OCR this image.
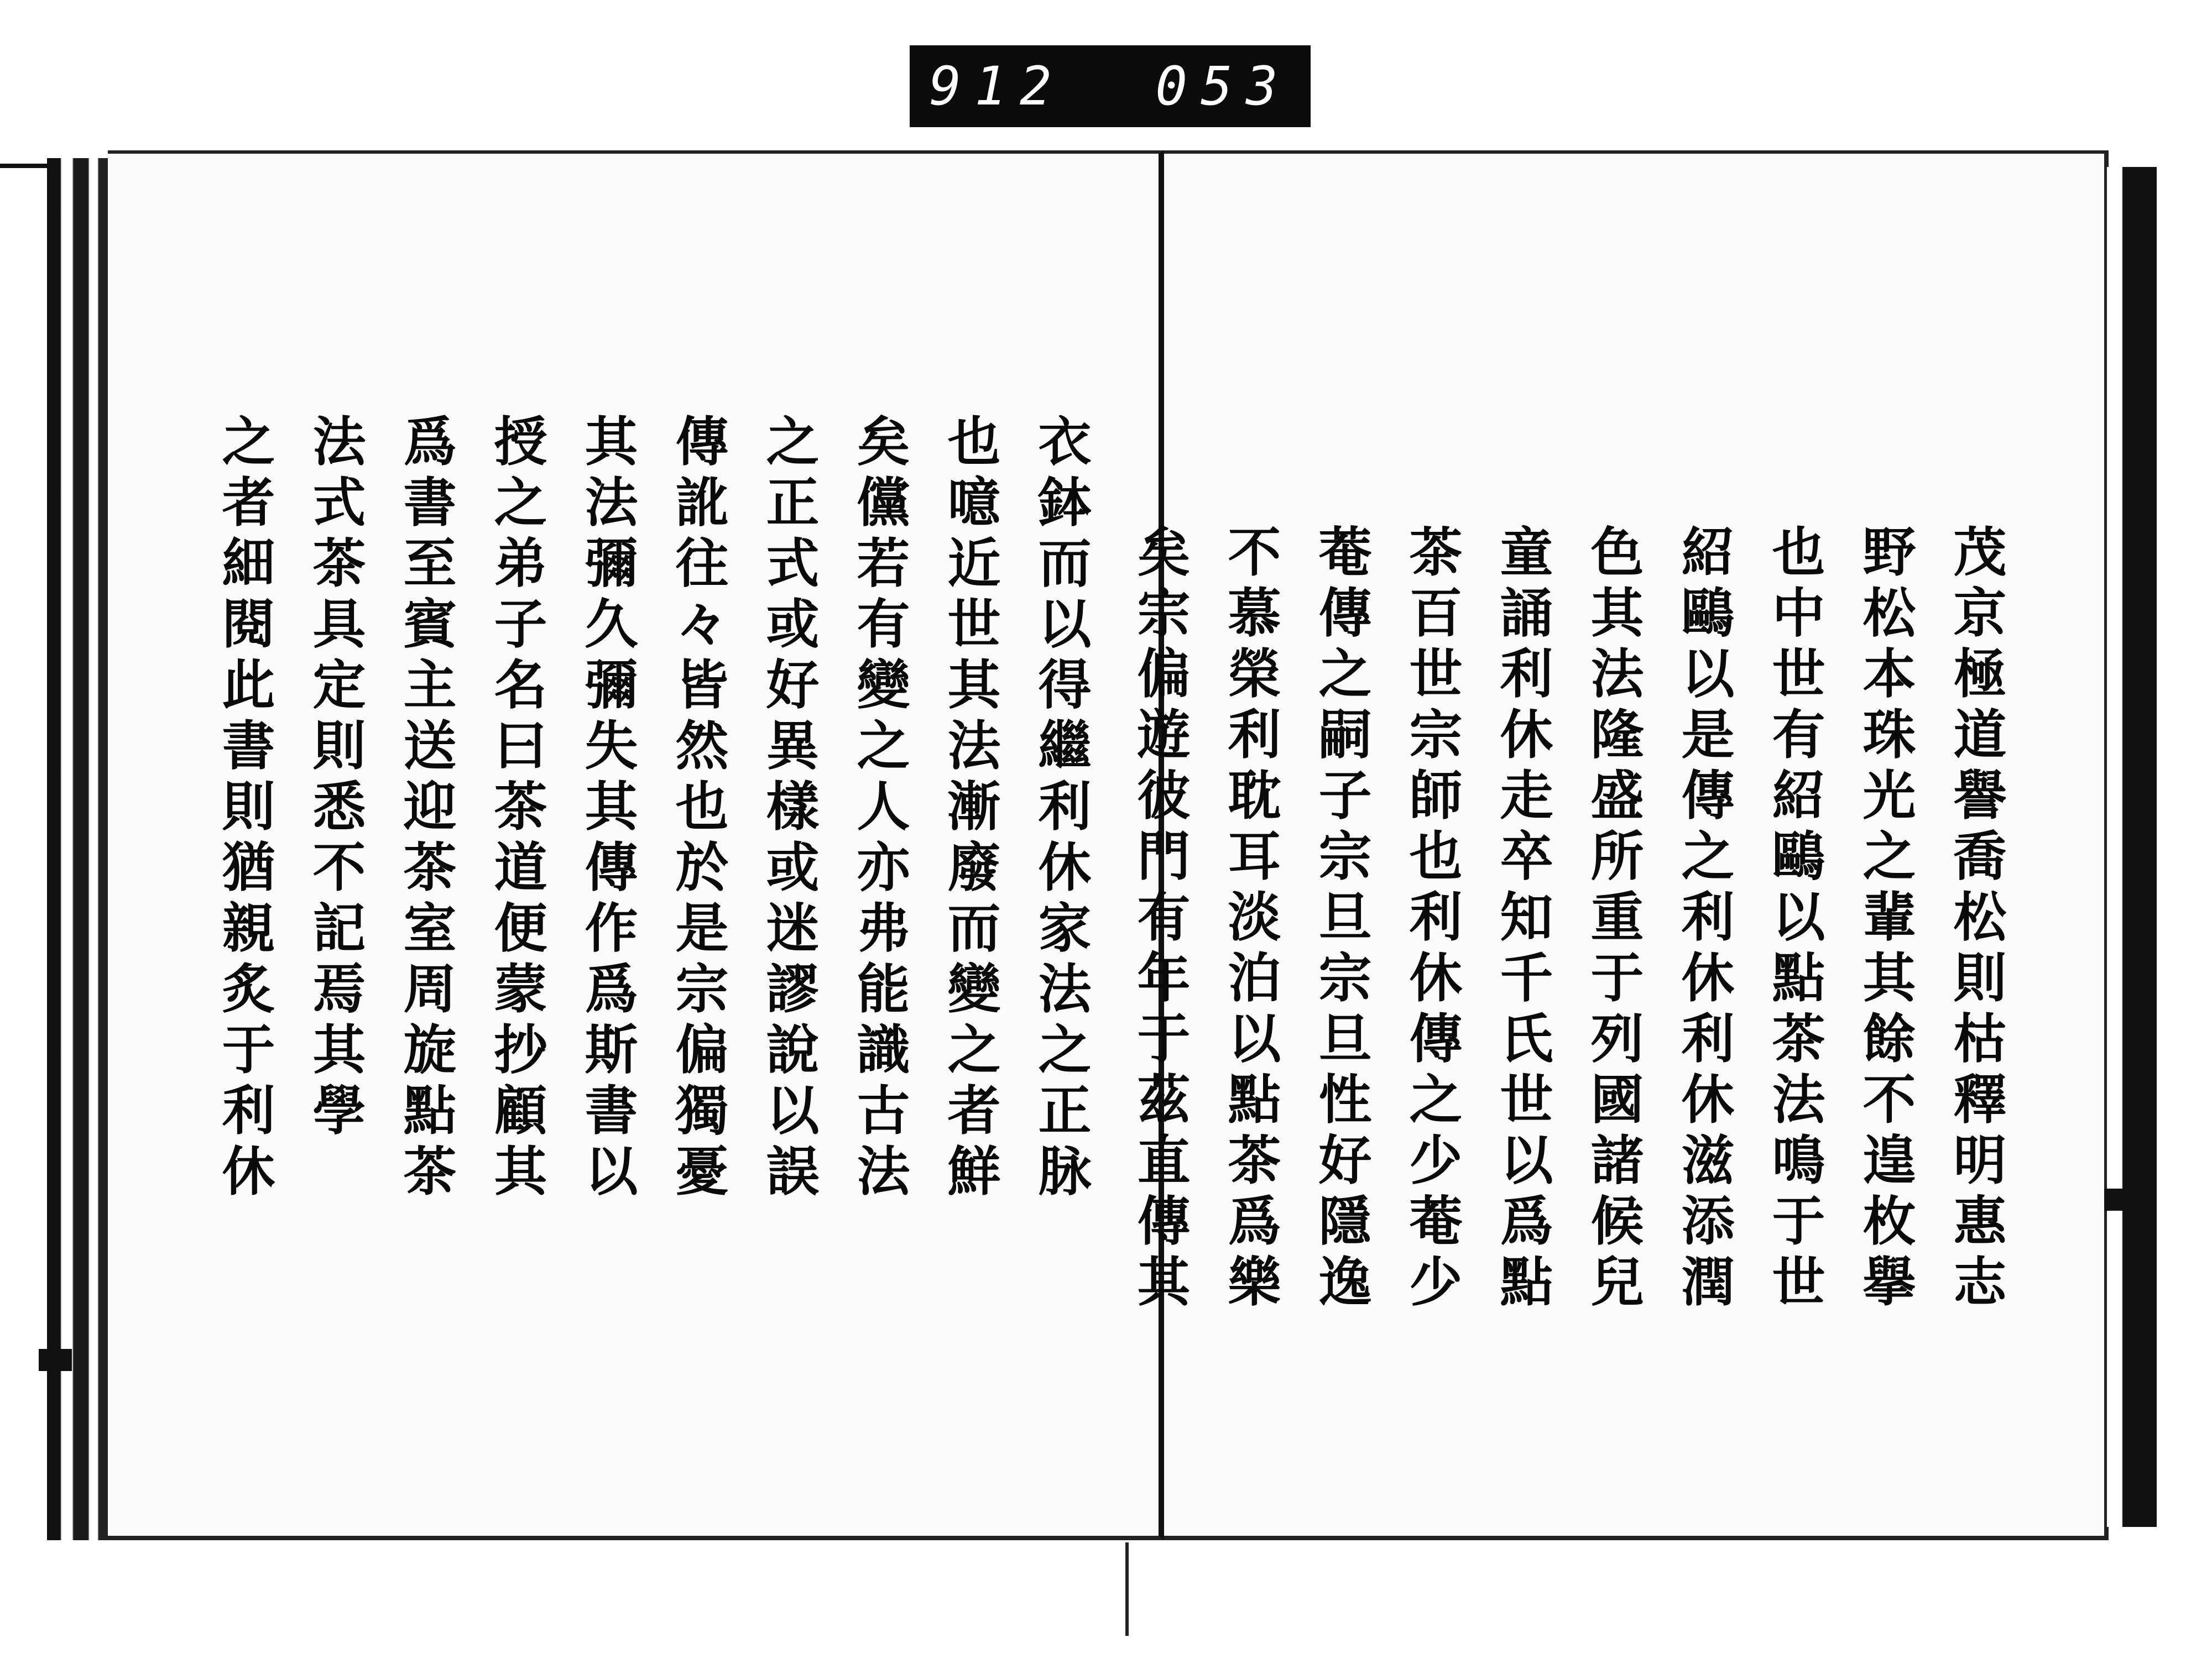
912  053
衣鉢而以得繼利休家法之正脉
也噫近世其法漸廢而變之者鮮
矣儻若有變之人亦弗能識古法
之正式或好異樣或迷謬說以誤
傳訛往々皆然也於是宗偏獨憂
其法彌久彌失其傳作爲斯書以
授之弟子名曰茶道便蒙抄顧其
爲書至賓主送迎茶室周旋點茶
法式茶具定則悉不記焉其學
之者細閱此書則猶親炙于利休	茂京極道譽喬松則枯釋明惠志
野松本珠光之輩其餘不遑枚擧
也中世有紹鷗以點茶法鳴于世
紹鷗以是傳之利休利休滋添潤
色其法隆盛所重于列國諸候兒
童誦利休走卒知千氏世以爲點
茶百世宗師也利休傳之少菴少
菴傳之嗣子宗旦宗旦性好隱逸
不慕榮利耽耳淡泊以點茶爲樂
矣宗偏遊彼門有年于茲直傳其
